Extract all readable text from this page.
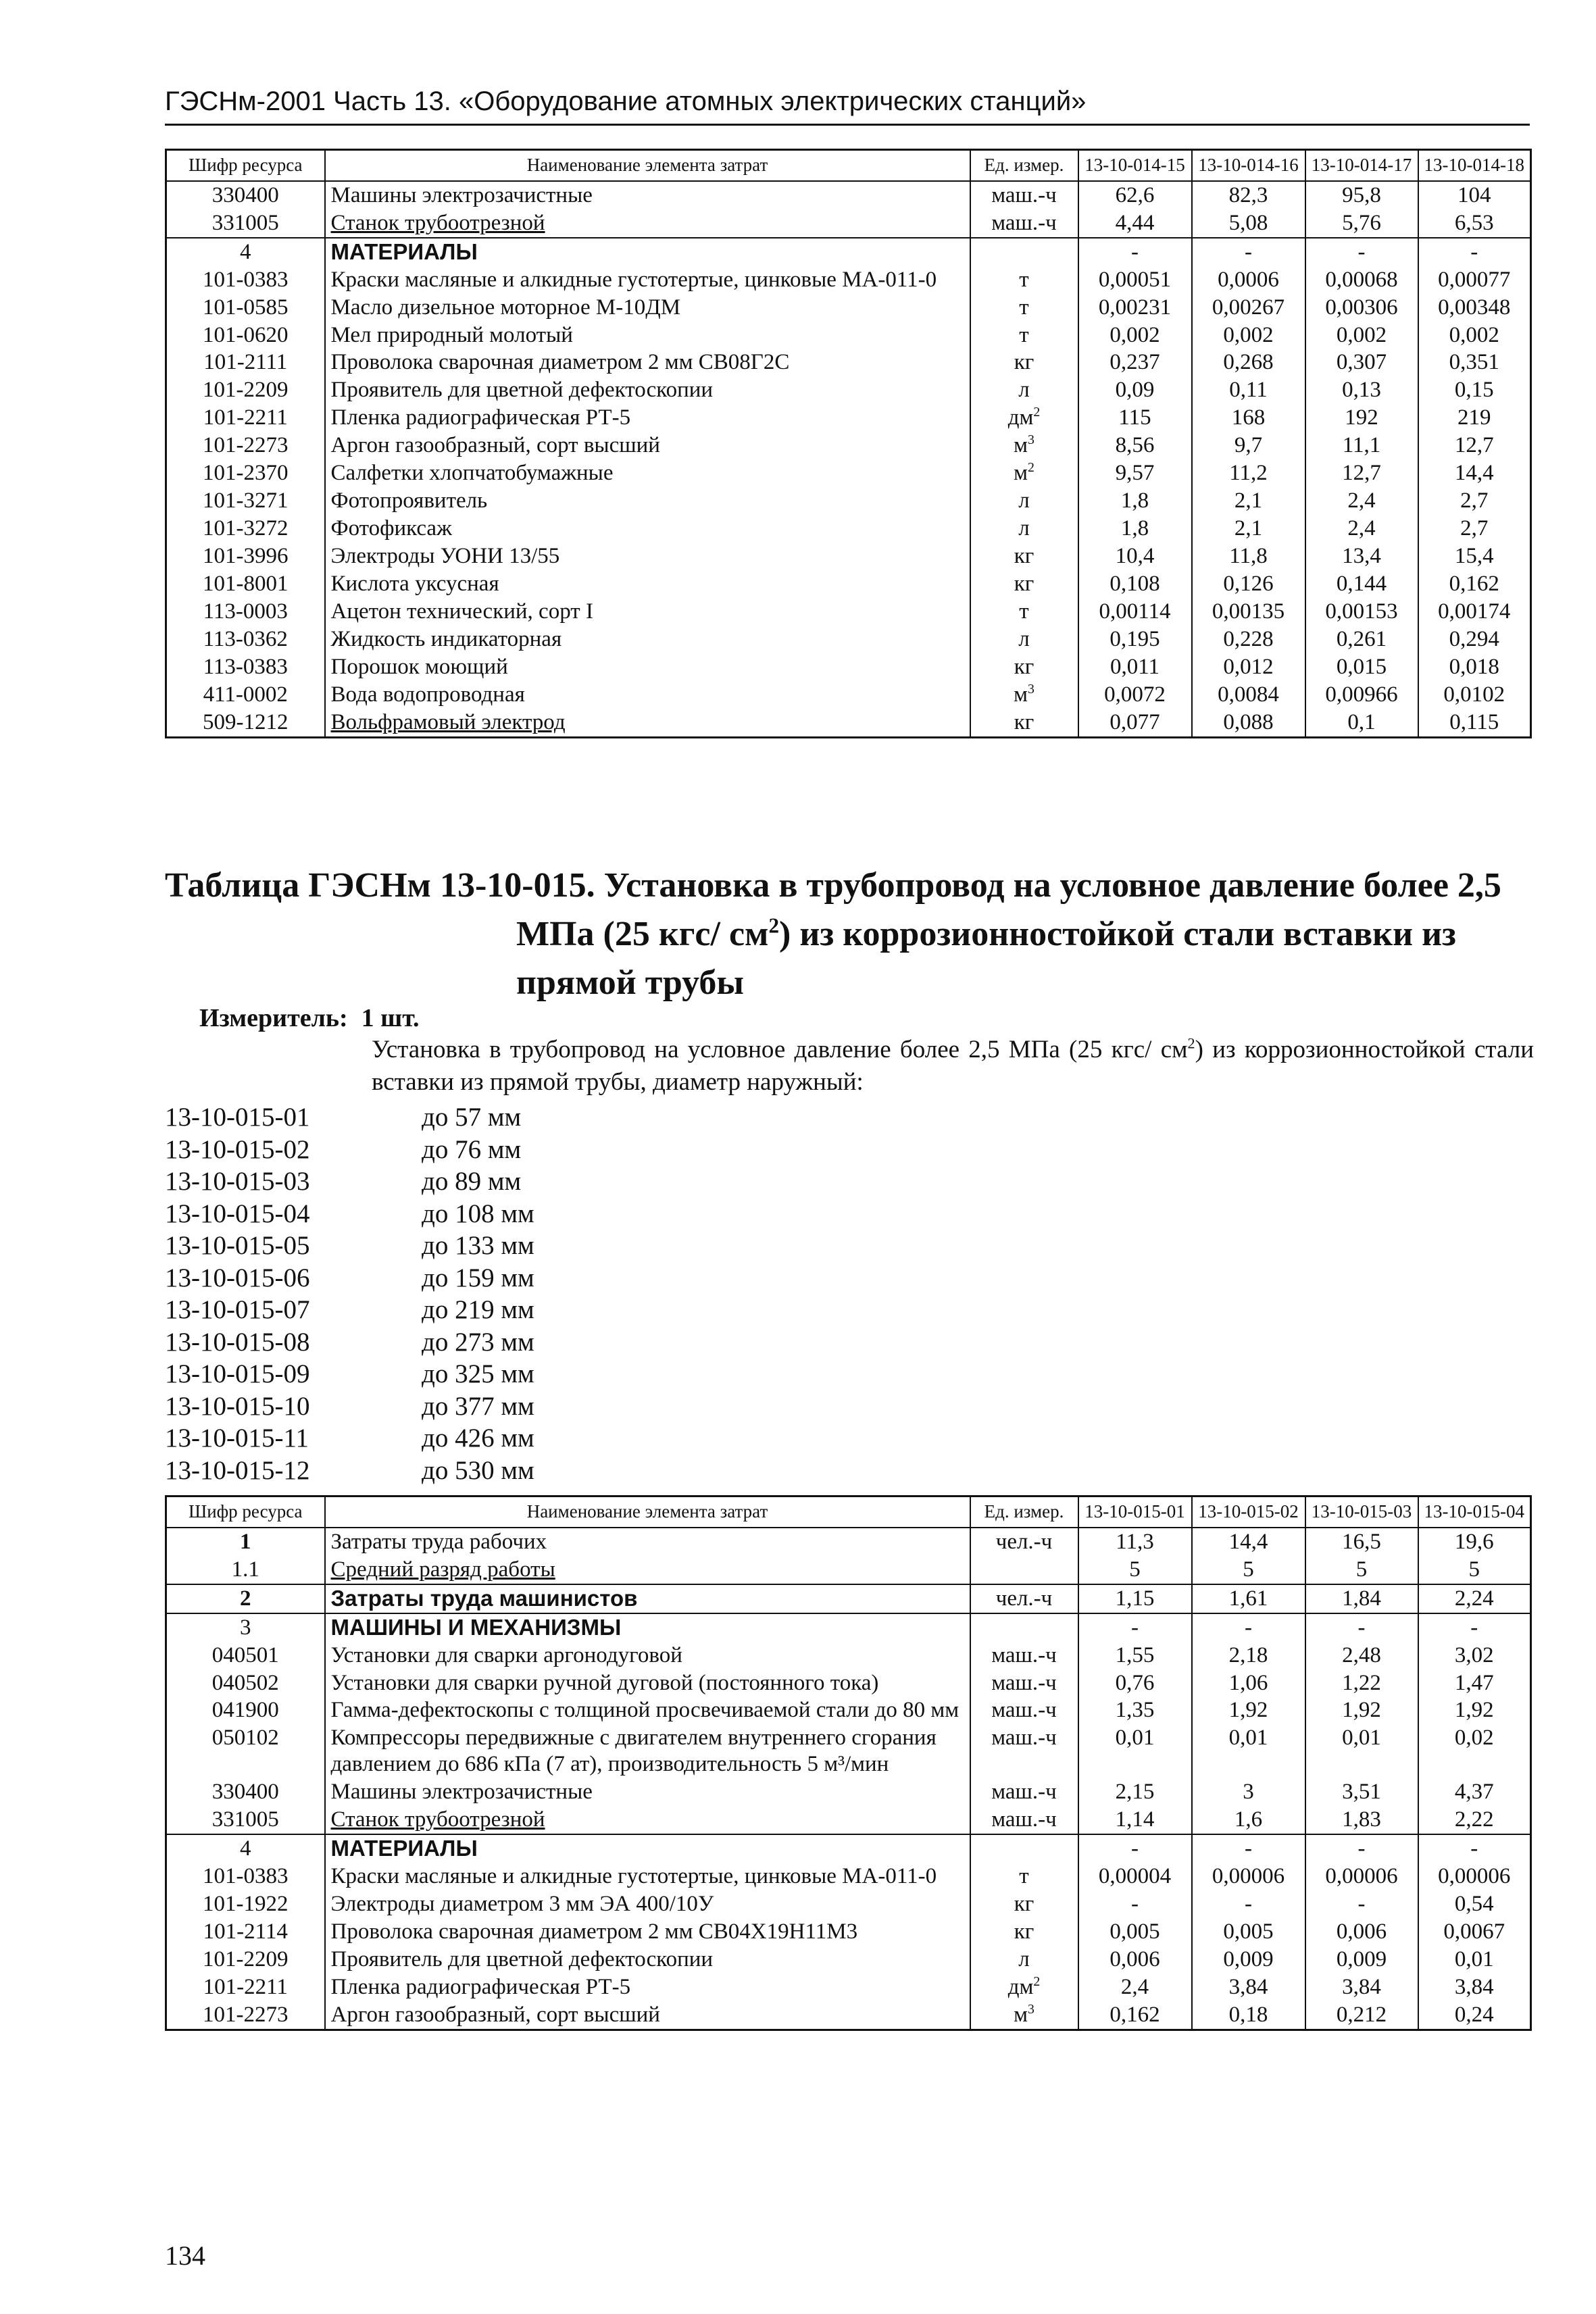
ГЭСНм-2001 Часть 13. «Оборудование атомных электрических станций»
Шифр ресурса	Наименование элемента затрат	Ед. измер.	13-10-014-15	13-10-014-16	13-10-014-17	13-10-014-18
330400	Машины электрозачистные	маш.-ч	62,6	82,3	95,8	104
331005	Станок трубоотрезной	маш.-ч	4,44	5,08	5,76	6,53
4	МАТЕРИАЛЫ		-	-	-	-
101-0383	Краски масляные и алкидные густотертые, цинковые МА-011-0	т	0,00051	0,0006	0,00068	0,00077
101-0585	Масло дизельное моторное М-10ДМ	т	0,00231	0,00267	0,00306	0,00348
101-0620	Мел природный молотый	т	0,002	0,002	0,002	0,002
101-2111	Проволока сварочная диаметром 2 мм СВ08Г2С	кг	0,237	0,268	0,307	0,351
101-2209	Проявитель для цветной дефектоскопии	л	0,09	0,11	0,13	0,15
101-2211	Пленка радиографическая РТ-5	$дм^2$	115	168	192	219
101-2273	Аргон газообразный, сорт высший	$м^3$	8,56	9,7	11,1	12,7
101-2370	Салфетки хлопчатобумажные	$м^2$	9,57	11,2	12,7	14,4
101-3271	Фотопроявитель	л	1,8	2,1	2,4	2,7
101-3272	Фотофиксаж	л	1,8	2,1	2,4	2,7
101-3996	Электроды УОНИ 13/55	кг	10,4	11,8	13,4	15,4
101-8001	Кислота уксусная	кг	0,108	0,126	0,144	0,162
113-0003	Ацетон технический, сорт I	т	0,00114	0,00135	0,00153	0,00174
113-0362	Жидкость индикаторная	л	0,195	0,228	0,261	0,294
113-0383	Порошок моющий	кг	0,011	0,012	0,015	0,018
411-0002	Вода водопроводная	$м^3$	0,0072	0,0084	0,00966	0,0102
509-1212	Вольфрамовый электрод	кг	0,077	0,088	0,1	0,115
Таблица ГЭСНм 13-10-015. Установка в трубопровод на условное давление более 2,5
МПа (25 кгс/ $см^2$) из коррозионностойкой стали вставки из
прямой трубы
Измеритель: 1 шт.
Установка в трубопровод на условное давление более 2,5 МПа (25 кгс/ $см^2$) из коррозионностойкой стали вставки из прямой трубы, диаметр наружный:
13-10-015-01	до 57 мм
13-10-015-02	до 76 мм
13-10-015-03	до 89 мм
13-10-015-04	до 108 мм
13-10-015-05	до 133 мм
13-10-015-06	до 159 мм
13-10-015-07	до 219 мм
13-10-015-08	до 273 мм
13-10-015-09	до 325 мм
13-10-015-10	до 377 мм
13-10-015-11	до 426 мм
13-10-015-12	до 530 мм
Шифр ресурса	Наименование элемента затрат	Ед. измер.	13-10-015-01	13-10-015-02	13-10-015-03	13-10-015-04
1	Затраты труда рабочих	чел.-ч	11,3	14,4	16,5	19,6
1.1	Средний разряд работы		5	5	5	5
2	Затраты труда машинистов	чел.-ч	1,15	1,61	1,84	2,24
3	МАШИНЫ И МЕХАНИЗМЫ		-	-	-	-
040501	Установки для сварки аргонодуговой	маш.-ч	1,55	2,18	2,48	3,02
040502	Установки для сварки ручной дуговой (постоянного тока)	маш.-ч	0,76	1,06	1,22	1,47
041900	Гамма-дефектоскопы с толщиной просвечиваемой стали до 80 мм	маш.-ч	1,35	1,92	1,92	1,92
050102	Компрессоры передвижные с двигателем внутреннего сгорания давлением до 686 кПа (7 ат), производительность 5 м³/мин	маш.-ч	0,01	0,01	0,01	0,02
330400	Машины электрозачистные	маш.-ч	2,15	3	3,51	4,37
331005	Станок трубоотрезной	маш.-ч	1,14	1,6	1,83	2,22
4	МАТЕРИАЛЫ		-	-	-	-
101-0383	Краски масляные и алкидные густотертые, цинковые МА-011-0	т	0,00004	0,00006	0,00006	0,00006
101-1922	Электроды диаметром 3 мм ЭА 400/10У	кг	-	-	-	0,54
101-2114	Проволока сварочная диаметром 2 мм СВ04Х19Н11М3	кг	0,005	0,005	0,006	0,0067
101-2209	Проявитель для цветной дефектоскопии	л	0,006	0,009	0,009	0,01
101-2211	Пленка радиографическая РТ-5	$дм^2$	2,4	3,84	3,84	3,84
101-2273	Аргон газообразный, сорт высший	$м^3$	0,162	0,18	0,212	0,24
134
